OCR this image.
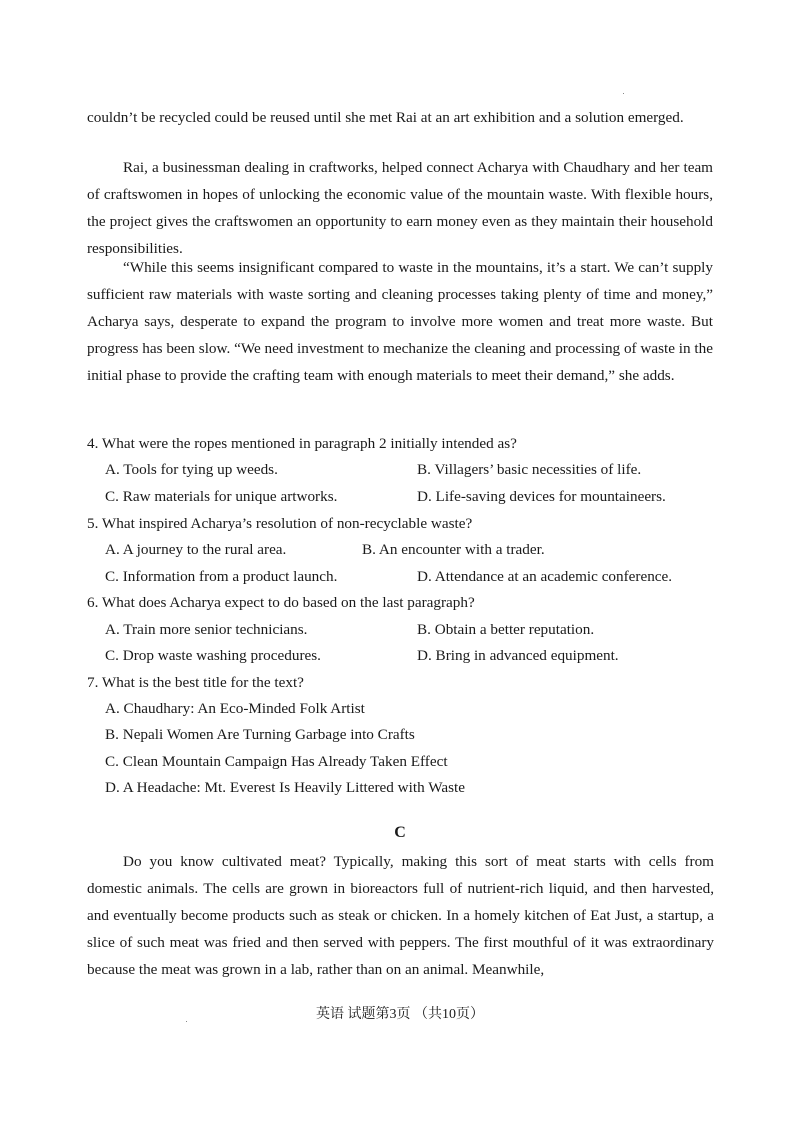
couldn’t be recycled could be reused until she met Rai at an art exhibition and a solution emerged.

Rai, a businessman dealing in craftworks, helped connect Acharya with Chaudhary and her team of craftswomen in hopes of unlocking the economic value of the mountain waste. With flexible hours, the project gives the craftswomen an opportunity to earn money even as they maintain their household responsibilities.

“While this seems insignificant compared to waste in the mountains, it’s a start. We can’t supply sufficient raw materials with waste sorting and cleaning processes taking plenty of time and money,” Acharya says, desperate to expand the program to involve more women and treat more waste. But progress has been slow. “We need investment to mechanize the cleaning and processing of waste in the initial phase to provide the crafting team with enough materials to meet their demand,” she adds.

4. What were the ropes mentioned in paragraph 2 initially intended as?

A. Tools for tying up weeds.	B. Villagers’ basic necessities of life.

C. Raw materials for unique artworks.	D. Life-saving devices for mountaineers.

5. What inspired Acharya’s resolution of non-recyclable waste?

A. A journey to the rural area.	B. An encounter with a trader.

C. Information from a product launch.	D. Attendance at an academic conference.

6. What does Acharya expect to do based on the last paragraph?

A. Train more senior technicians.	B. Obtain a better reputation.

C. Drop waste washing procedures.	D. Bring in advanced equipment.

7. What is the best title for the text?

A. Chaudhary: An Eco-Minded Folk Artist

B. Nepali Women Are Turning Garbage into Crafts

C. Clean Mountain Campaign Has Already Taken Effect

D. A Headache: Mt. Everest Is Heavily Littered with Waste

C

Do you know cultivated meat? Typically, making this sort of meat starts with cells from domestic animals. The cells are grown in bioreactors full of nutrient-rich liquid, and then harvested, and eventually become products such as steak or chicken. In a homely kitchen of Eat Just, a startup, a slice of such meat was fried and then served with peppers. The first mouthful of it was extraordinary because the meat was grown in a lab, rather than on an animal. Meanwhile,

英语 试题第3页 （共10页）
